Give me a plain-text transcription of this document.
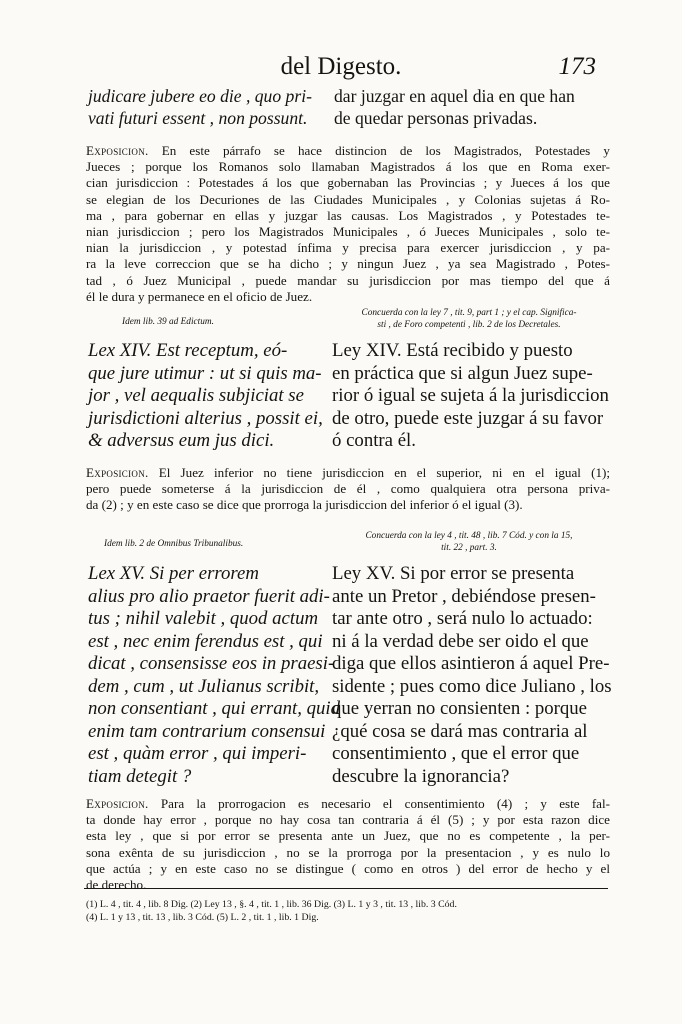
del Digesto.	173
judicare jubere eo die , quo pri-
vati futuri essent , non possunt.
dar juzgar en aquel dia en que han
de quedar personas privadas.
Exposicion. En este párrafo se hace distincion de los Magistrados, Potestades y
Jueces ; porque los Romanos solo llamaban Magistrados á los que en Roma exer-
cian jurisdiccion : Potestades á los que gobernaban las Provincias ; y Jueces á los que
se elegian de los Decuriones de las Ciudades Municipales , y Colonias sujetas á Ro-
ma , para gobernar en ellas y juzgar las causas. Los Magistrados , y Potestades te-
nian jurisdiccion ; pero los Magistrados Municipales , ó Jueces Municipales , solo te-
nian la jurisdiccion , y potestad ínfima y precisa para exercer jurisdiccion , y pa-
ra la leve correccion que se ha dicho ; y ningun Juez , ya sea Magistrado , Potes-
tad , ó Juez Municipal , puede mandar su jurisdiccion por mas tiempo del que á
él le dura y permanece en el oficio de Juez.
Idem lib. 39 ad Edictum.
Concuerda con la ley 7 , tit. 9, part 1 ; y el cap. Significa-
sti , de Foro competenti , lib. 2 de los Decretales.
Lex XIV. Est receptum, eó-
que jure utimur : ut si quis ma-
jor , vel aequalis subjiciat se
jurisdictioni alterius , possit ei,
& adversus eum jus dici.
Ley XIV. Está recibido y puesto
en práctica que si algun Juez supe-
rior ó igual se sujeta á la jurisdiccion
de otro, puede este juzgar á su favor
ó contra él.
Exposicion. El Juez inferior no tiene jurisdiccion en el superior, ni en el igual (1);
pero puede someterse á la jurisdiccion de él , como qualquiera otra persona priva-
da (2) ; y en este caso se dice que prorroga la jurisdiccion del inferior ó el igual (3).
Idem lib. 2 de Omnibus Tribunalibus.
Concuerda con la ley 4 , tit. 48 , lib. 7 Cód. y con la 15,
tit. 22 , part. 3.
Lex XV. Si per errorem
alius pro alio praetor fuerit adi-
tus ; nihil valebit , quod actum
est , nec enim ferendus est , qui
dicat , consensisse eos in praesi-
dem , cum , ut Julianus scribit,
non consentiant , qui errant, quid
enim tam contrarium consensui
est , quàm error , qui imperi-
tiam detegit ?
Ley XV. Si por error se presenta
ante un Pretor , debiéndose presen-
tar ante otro , será nulo lo actuado:
ni á la verdad debe ser oido el que
diga que ellos asintieron á aquel Pre-
sidente ; pues como dice Juliano , los
que yerran no consienten : porque
¿qué cosa se dará mas contraria al
consentimiento , que el error que
descubre la ignorancia?
Exposicion. Para la prorrogacion es necesario el consentimiento (4) ; y este fal-
ta donde hay error , porque no hay cosa tan contraria á él (5) ; y por esta razon dice
esta ley , que si por error se presenta ante un Juez, que no es competente , la per-
sona exênta de su jurisdiccion , no se la prorroga por la presentacion , y es nulo lo
que actúa ; y en este caso no se distingue ( como en otros ) del error de hecho y el
de derecho.
(1) L. 4 , tit. 4 , lib. 8 Dig. (2) Ley 13 , §. 4 , tit. 1 , lib. 36 Dig. (3) L. 1 y 3 , tit. 13 , lib. 3 Cód.
(4) L. 1 y 13 , tit. 13 , lib. 3 Cód. (5) L. 2 , tit. 1 , lib. 1 Dig.
